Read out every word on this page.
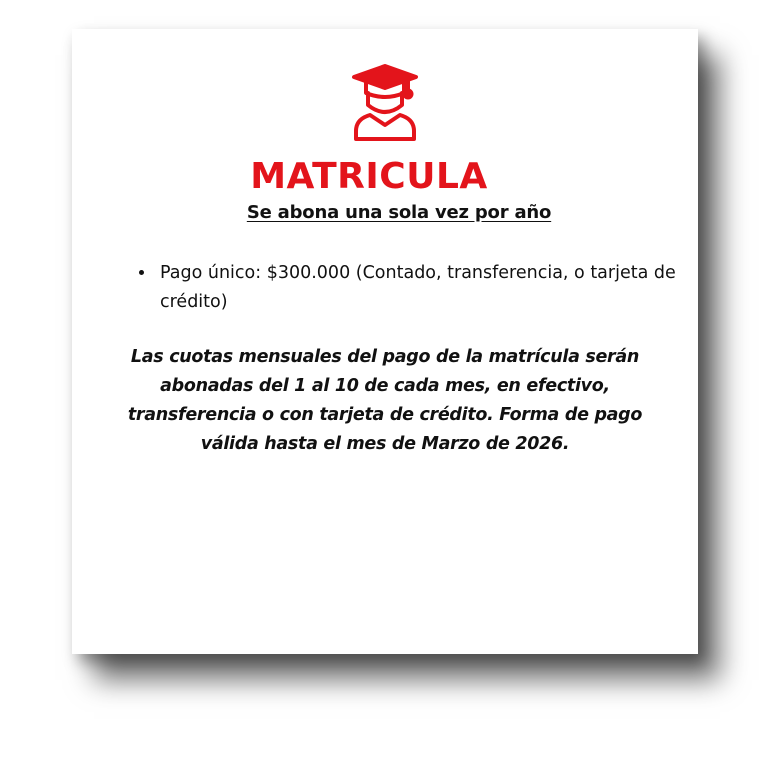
MATRICULA
Se abona una sola vez por año
• Pago único: $300.000 (Contado, transferencia, o tarjeta de crédito)

Las cuotas mensuales del pago de la matrícula serán abonadas del 1 al 10 de cada mes, en efectivo, transferencia o con tarjeta de crédito. Forma de pago válida hasta el mes de Marzo de 2026.
